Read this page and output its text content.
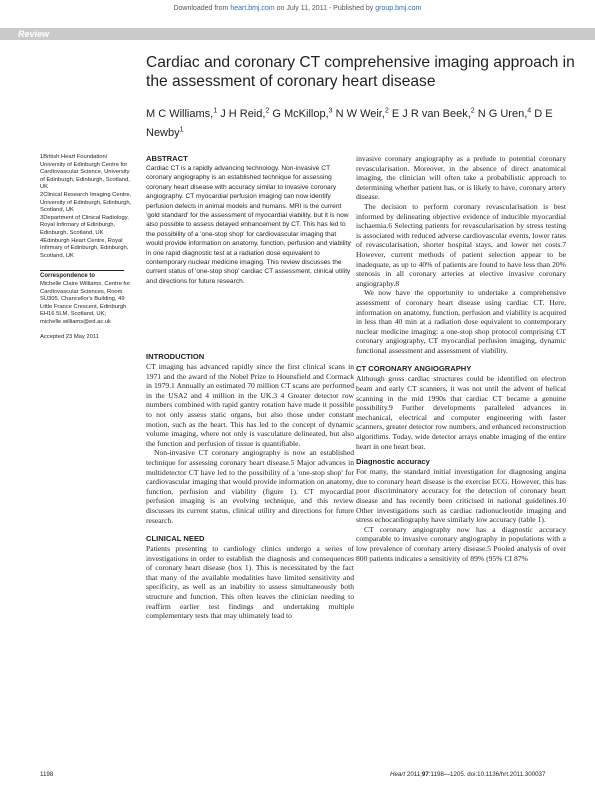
Downloaded from heart.bmj.com on July 11, 2011 - Published by group.bmj.com
Review
Cardiac and coronary CT comprehensive imaging approach in the assessment of coronary heart disease
M C Williams,$^1$ J H Reid,$^2$ G McKillop,$^3$ N W Weir,$^2$ E J R van Beek,$^2$ N G Uren,$^4$ D E Newby$^1$

1British Heart Foundation/ University of Edinburgh Centre for Cardiovascular Science, University of Edinburgh, Edinburgh, Scotland, UK

2Clinical Research Imaging Centre, University of Edinburgh, Edinburgh, Scotland, UK

3Department of Clinical Radiology, Royal Infirmary of Edinburgh, Edinburgh, Scotland, UK

4Edinburgh Heart Centre, Royal Infirmary of Edinburgh, Edinburgh, Scotland, UK

Correspondence to

Michelle Claire Williams, Centre for Cardiovascular Sciences, Room SU305, Chancellor's Building, 49 Little France Crescent, Edinburgh EH16 5LM, Scotland, UK; michelle.williams@ed.ac.uk

Accepted 23 May 2011

ABSTRACT

Cardiac CT is a rapidly advancing technology. Non-invasive CT coronary angiography is an established technique for assessing coronary heart disease with accuracy similar to invasive coronary angiography. CT myocardial perfusion imaging can now identify perfusion defects in animal models and humans. MRI is the current 'gold standard' for the assessment of myocardial viability, but it is now also possible to assess delayed enhancement by CT. This has led to the possibility of a 'one-stop shop' for cardiovascular imaging that would provide information on anatomy, function, perfusion and viability in one rapid diagnostic test at a radiation dose equivalent to contemporary nuclear medicine imaging. This review discusses the current status of 'one-stop shop' cardiac CT assessment, clinical utility and directions for future research.

INTRODUCTION

CT imaging has advanced rapidly since the first clinical scans in 1971 and the award of the Nobel Prize to Hounsfield and Cormack in 1979.1 Annually an estimated 70 million CT scans are performed in the USA2 and 4 million in the UK.3 4 Greater detector row numbers combined with rapid gantry rotation have made it possible to not only assess static organs, but also those under constant motion, such as the heart. This has led to the concept of dynamic volume imaging, where not only is vasculature delineated, but also the function and perfusion of tissue is quantifiable.

Non-invasive CT coronary angiography is now an established technique for assessing coronary heart disease.5 Major advances in multidetector CT have led to the possibility of a 'one-stop shop' for cardiovascular imaging that would provide information on anatomy, function, perfusion and viability (figure 1). CT myocardial perfusion imaging is an evolving technique, and this review discusses its current status, clinical utility and directions for future research.

CLINICAL NEED

Patients presenting to cardiology clinics undergo a series of investigations in order to establish the diagnosis and consequences of coronary heart disease (box 1). This is necessitated by the fact that many of the available modalities have limited sensitivity and specificity, as well as an inability to assess simultaneously both structure and function. This often leaves the clinician needing to reaffirm earlier test findings and undertaking multiple complementary tests that may ultimately lead to

invasive coronary angiography as a prelude to potential coronary revascularisation. Moreover, in the absence of direct anatomical imaging, the clinician will often take a probabilistic approach to determining whether patient has, or is likely to have, coronary artery disease.

The decision to perform coronary revascularisation is best informed by delineating objective evidence of inducible myocardial ischaemia.6 Selecting patients for revascularisation by stress testing is associated with reduced adverse cardiovascular events, lower rates of revascularisation, shorter hospital stays, and lower net costs.7 However, current methods of patient selection appear to be inadequate, as up to 40% of patients are found to have less than 20% stenosis in all coronary arteries at elective invasive coronary angiography.8

We now have the opportunity to undertake a comprehensive assessment of coronary heart disease using cardiac CT. Here, information on anatomy, function, perfusion and viability is acquired in less than 40 min at a radiation dose equivalent to contemporary nuclear medicine imaging: a one-stop shop protocol comprising CT coronary angiography, CT myocardial perfusion imaging, dynamic functional assessment and assessment of viability.

CT CORONARY ANGIOGRAPHY

Although gross cardiac structures could be identified on electron beam and early CT scanners, it was not until the advent of helical scanning in the mid 1990s that cardiac CT became a genuine possibility.9 Further developments paralleled advances in mechanical, electrical and computer engineering with faster scanners, greater detector row numbers, and enhanced reconstruction algorithms. Today, wide detector arrays enable imaging of the entire heart in one heart beat.

Diagnostic accuracy

For many, the standard initial investigation for diagnosing angina due to coronary heart disease is the exercise ECG. However, this has poor discriminatory accuracy for the detection of coronary heart disease and has recently been criticised in national guidelines.10 Other investigations such as cardiac radionucleotide imaging and stress echocardiography have similarly low accuracy (table 1).

CT coronary angiography now has a diagnostic accuracy comparable to invasive coronary angiography in populations with a low prevalence of coronary artery disease.5 Pooled analysis of over 800 patients indicates a sensitivity of 89% (95% CI 87%

1198	Heart 2011;97:1198—1205. doi:10.1136/hrt.2011.300037
